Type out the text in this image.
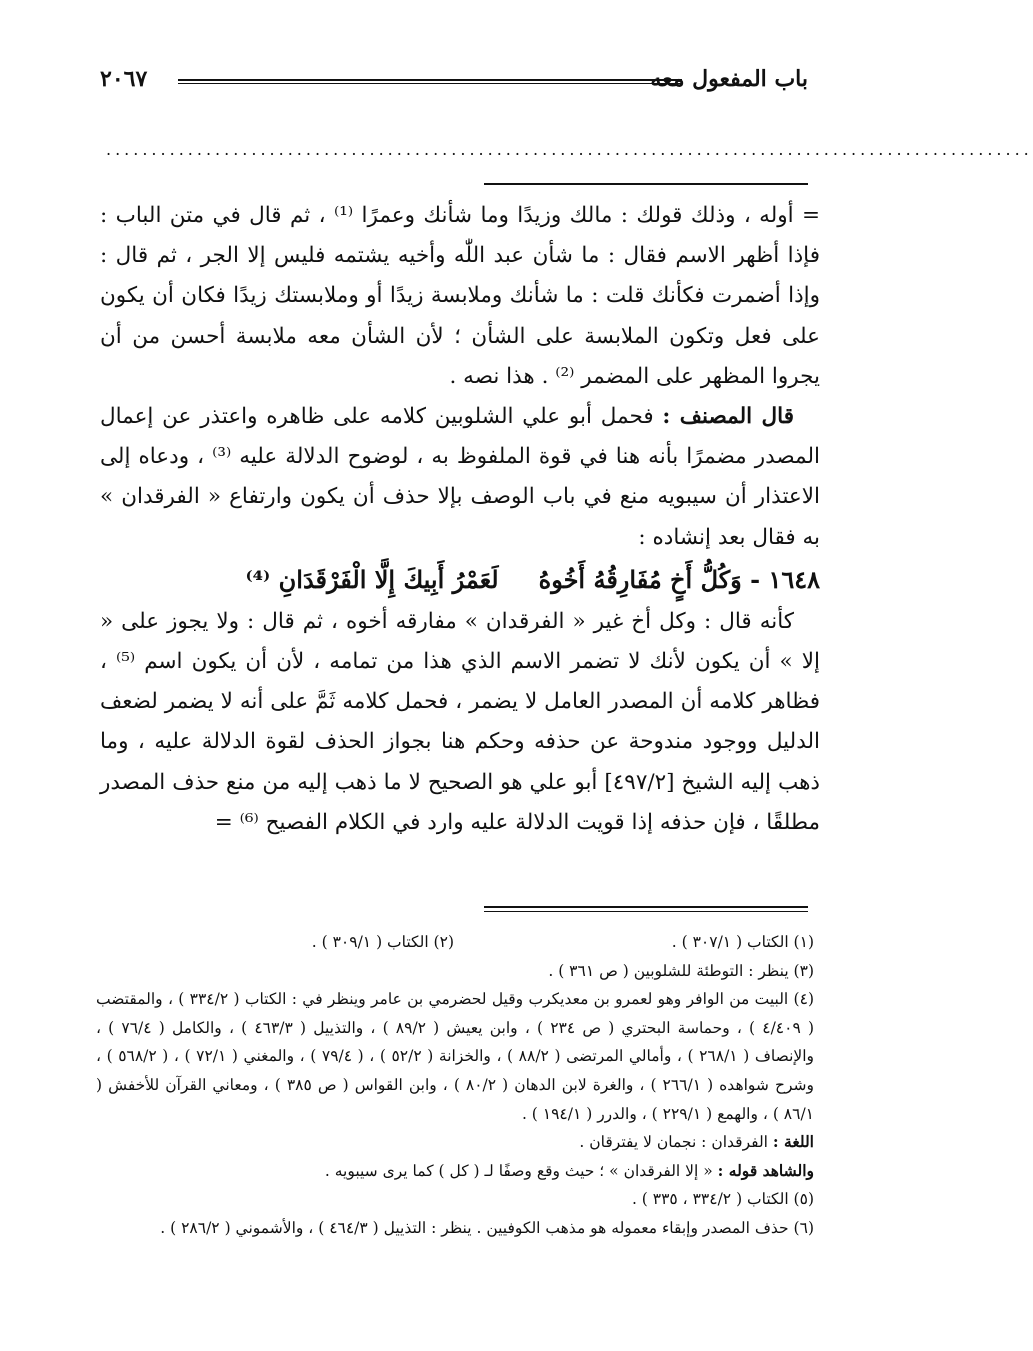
باب المفعول معه
٢٠٦٧
......................................................................................................

= أوله ، وذلك قولك : مالك وزيدًا وما شأنك وعمرًا ⁽¹⁾ ، ثم قال في متن الباب : فإذا أظهر الاسم فقال : ما شأن عبد اللّٰه وأخيه يشتمه فليس إلا الجر ، ثم قال : وإذا أضمرت فكأنك قلت : ما شأنك وملابسة زيدًا أو وملابستك زيدًا فكان أن يكون على فعل وتكون الملابسة على الشأن ؛ لأن الشأن معه ملابسة أحسن من أن يجروا المظهر على المضمر ⁽²⁾ . هذا نصه .

قال المصنف : فحمل أبو علي الشلوبين كلامه على ظاهره واعتذر عن إعمال المصدر مضمرًا بأنه هنا في قوة الملفوظ به ، لوضوح الدلالة عليه ⁽³⁾ ، ودعاه إلى الاعتذار أن سيبويه منع في باب الوصف بإلا حذف أن يكون وارتفاع « الفرقدان » به فقال بعد إنشاده :

١٦٤٨ - وَكُلُّ أَخٍ مُفَارِقُهُ أَخُوهُلَعَمْرُ أَبِيكَ إِلَّا الْفَرْقَدَانِ ⁽⁴⁾

كأنه قال : وكل أخ غير « الفرقدان » مفارقه أخوه ، ثم قال : ولا يجوز على « إلا » أن يكون لأنك لا تضمر الاسم الذي هذا من تمامه ، لأن أن يكون اسم ⁽⁵⁾ ، فظاهر كلامه أن المصدر العامل لا يضمر ، فحمل كلامه ثَمَّ على أنه لا يضمر لضعف الدليل ووجود مندوحة عن حذفه وحكم هنا بجواز الحذف لقوة الدلالة عليه ، وما ذهب إليه الشيخ [٤٩٧/٢] أبو علي هو الصحيح لا ما ذهب إليه من منع حذف المصدر مطلقًا ، فإن حذفه إذا قويت الدلالة عليه وارد في الكلام الفصيح ⁽⁶⁾ =

(١) الكتاب ( ٣٠٧/١ ) .
(٢) الكتاب ( ٣٠٩/١ ) .

(٣) ينظر : التوطئة للشلوبين ( ص ٣٦١ ) .

(٤) البيت من الوافر وهو لعمرو بن معديكرب وقيل لحضرمي بن عامر وينظر في : الكتاب ( ٣٣٤/٢ ) ، والمقتضب ( ٤/٤٠٩ ) ، وحماسة البحتري ( ص ٢٣٤ ) ، وابن يعيش ( ٨٩/٢ ) ، والتذييل ( ٤٦٣/٣ ) ، والكامل ( ٧٦/٤ ) ، والإنصاف ( ٢٦٨/١ ) ، وأمالي المرتضى ( ٨٨/٢ ) ، والخزانة ( ٥٢/٢ ) ، ( ٧٩/٤ ) ، والمغني ( ٧٢/١ ) ، ( ٥٦٨/٢ ) ، وشرح شواهده ( ٢٦٦/١ ) ، والغرة لابن الدهان ( ٨٠/٢ ) ، وابن القواس ( ص ٣٨٥ ) ، ومعاني القرآن للأخفش ( ٨٦/١ ) ، والهمع ( ٢٢٩/١ ) ، والدرر ( ١٩٤/١ ) .

اللغة : الفرقدان : نجمان لا يفترقان .

والشاهد قوله : « إلا الفرقدان » ؛ حيث وقع وصفًا لـ ( كل ) كما يرى سيبويه .

(٥) الكتاب ( ٣٣٤/٢ ، ٣٣٥ ) .

(٦) حذف المصدر وإبقاء معموله هو مذهب الكوفيين . ينظر : التذييل ( ٤٦٤/٣ ) ، والأشموني ( ٢٨٦/٢ ) .
